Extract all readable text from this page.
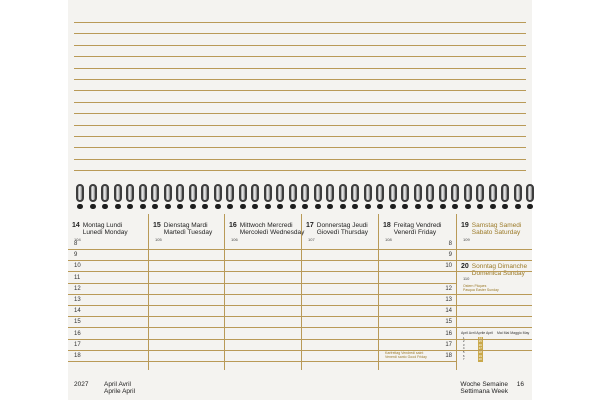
14 Montag Lundi
Lunedì Monday
104
8
9
10
11
12
13
14
15
16
17
18
15 Dienstag Mardi
Martedì Tuesday
105
16 Mittwoch Mercredi
Mercoledì Wednesday
106
17 Donnerstag Jeudi
Giovedì Thursday
107
18 Freitag Vendredi
Venerdì Friday
108
Karfreitag Vendredi saint
Venerdì santo Good Friday
8
9
10
12
13
14
15
16
17
18
19 Samstag Samedi
Sabato Saturday
109
20 Sonntag Dimanche
Domenica Sunday
110
Ostern Pâques
Pasqua Easter Sunday
April Avril Aprile April
1	14
2	15
3	16
4	17
5	18
6	19
7	20
Mai Mai Maggio May
2027 April Avril
Aprile April
Woche Semaine
Settimana Week
16
